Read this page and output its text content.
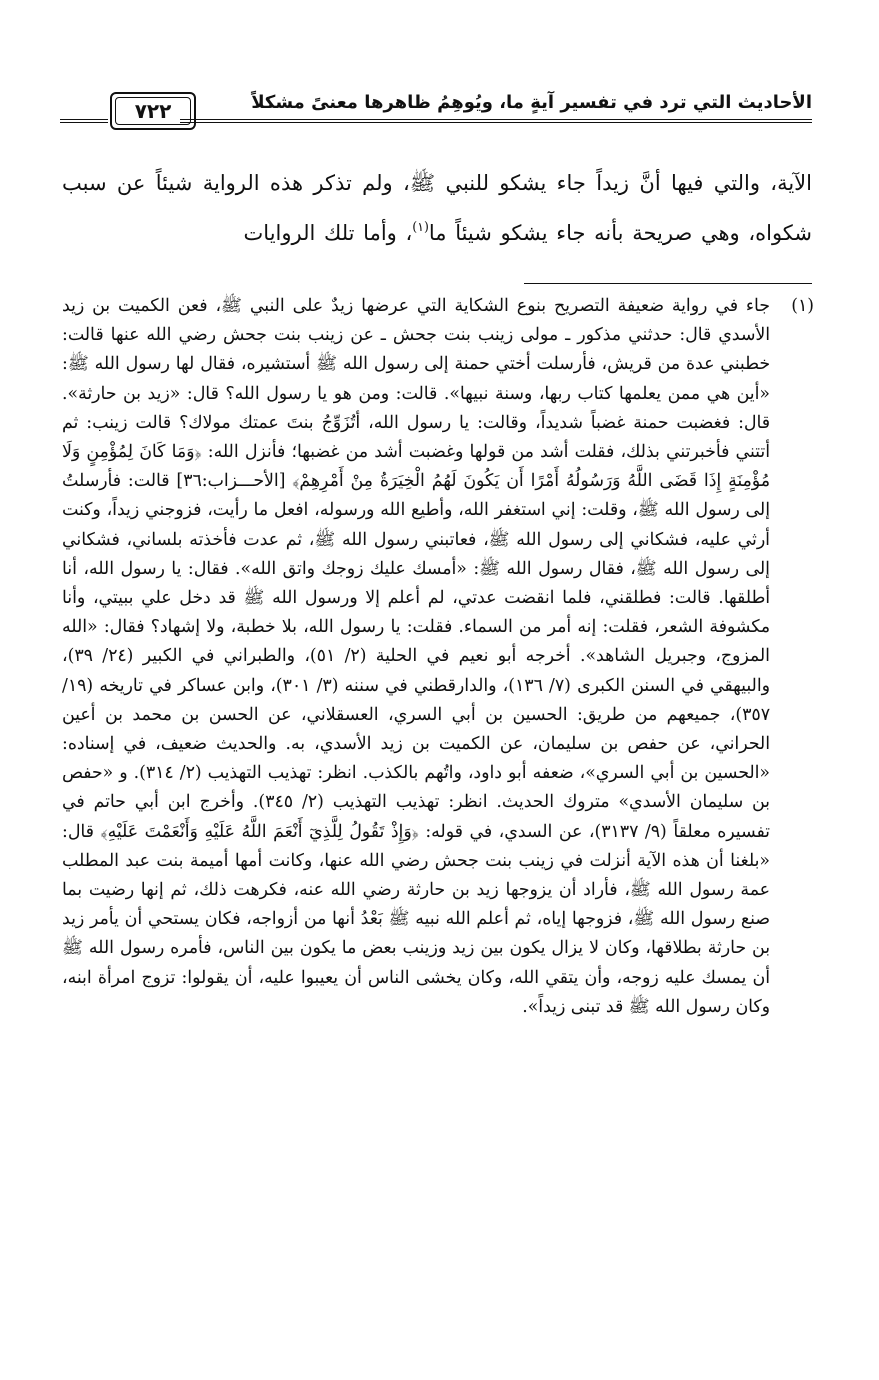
٧٢٢	الأحاديث التي ترد في تفسير آيةٍ ما، ويُوهِمُ ظاهرها معنىً مشكلاً
الآية، والتي فيها أنَّ زيداً جاء يشكو للنبي ﷺ، ولم تذكر هذه الرواية شيئاً عن سبب شكواه، وهي صريحة بأنه جاء يشكو شيئاً ما$^{(١)}$، وأما تلك الروايات
(١)
جاء في رواية ضعيفة التصريح بنوع الشكاية التي عرضها زيدٌ على النبي ﷺ، فعن الكميت بن زيد الأسدي قال: حدثني مذكور ـ مولى زينب بنت جحش ـ عن زينب بنت جحش رضي الله عنها قالت: خطبني عدة من قريش، فأرسلت أختي حمنة إلى رسول الله ﷺ أستشيره، فقال لها رسول الله ﷺ: «أين هي ممن يعلمها كتاب ربها، وسنة نبيها». قالت: ومن هو يا رسول الله؟ قال: «زيد بن حارثة». قال: فغضبت حمنة غضباً شديداً، وقالت: يا رسول الله، أتُزَوِّجُ بنتَ عمتك مولاك؟ قالت زينب: ثم أتتني فأخبرتني بذلك، فقلت أشد من قولها وغضبت أشد من غضبها؛ فأنزل الله: ﴿وَمَا كَانَ لِمُؤْمِنٍ وَلَا مُؤْمِنَةٍ إِذَا قَضَى اللَّهُ وَرَسُولُهُ أَمْرًا أَن يَكُونَ لَهُمُ الْخِيَرَةُ مِنْ أَمْرِهِمْ﴾ [الأحـــزاب:٣٦] قالت: فأرسلتُ إلى رسول الله ﷺ، وقلت: إني استغفر الله، وأطيع الله ورسوله، افعل ما رأيت، فزوجني زيداً، وكنت أرثي عليه، فشكاني إلى رسول الله ﷺ، فعاتبني رسول الله ﷺ، ثم عدت فأخذته بلساني، فشكاني إلى رسول الله ﷺ، فقال رسول الله ﷺ: «أمسك عليك زوجك واتق الله». فقال: يا رسول الله، أنا أطلقها. قالت: فطلقني، فلما انقضت عدتي، لم أعلم إلا ورسول الله ﷺ قد دخل علي ببيتي، وأنا مكشوفة الشعر، فقلت: إنه أمر من السماء. فقلت: يا رسول الله، بلا خطبة، ولا إشهاد؟ فقال: «الله المزوج، وجبريل الشاهد». أخرجه أبو نعيم في الحلية (٢/ ٥١)، والطبراني في الكبير (٢٤/ ٣٩)، والبيهقي في السنن الكبرى (٧/ ١٣٦)، والدارقطني في سننه (٣/ ٣٠١)، وابن عساكر في تاريخه (١٩/ ٣٥٧)، جميعهم من طريق: الحسين بن أبي السري، العسقلاني، عن الحسن بن محمد بن أعين الحراني، عن حفص بن سليمان، عن الكميت بن زيد الأسدي، به. والحديث ضعيف، في إسناده: «الحسين بن أبي السري»، ضعفه أبو داود، واتُهم بالكذب. انظر: تهذيب التهذيب (٢/ ٣١٤). و «حفص بن سليمان الأسدي» متروك الحديث. انظر: تهذيب التهذيب (٢/ ٣٤٥). وأخرج ابن أبي حاتم في تفسيره معلقاً (٩/ ٣١٣٧)، عن السدي، في قوله: ﴿وَإِذْ تَقُولُ لِلَّذِيٓ أَنْعَمَ اللَّهُ عَلَيْهِ وَأَنْعَمْتَ عَلَيْهِ﴾ قال: «بلغنا أن هذه الآية أنزلت في زينب بنت جحش رضي الله عنها، وكانت أمها أميمة بنت عبد المطلب عمة رسول الله ﷺ، فأراد أن يزوجها زيد بن حارثة رضي الله عنه، فكرهت ذلك، ثم إنها رضيت بما صنع رسول الله ﷺ، فزوجها إياه، ثم أعلم الله نبيه ﷺ بَعْدُ أنها من أزواجه، فكان يستحي أن يأمر زيد بن حارثة بطلاقها، وكان لا يزال يكون بين زيد وزينب بعض ما يكون بين الناس، فأمره رسول الله ﷺ أن يمسك عليه زوجه، وأن يتقي الله، وكان يخشى الناس أن يعيبوا عليه، أن يقولوا: تزوج امرأة ابنه، وكان رسول الله ﷺ قد تبنى زيداً».
